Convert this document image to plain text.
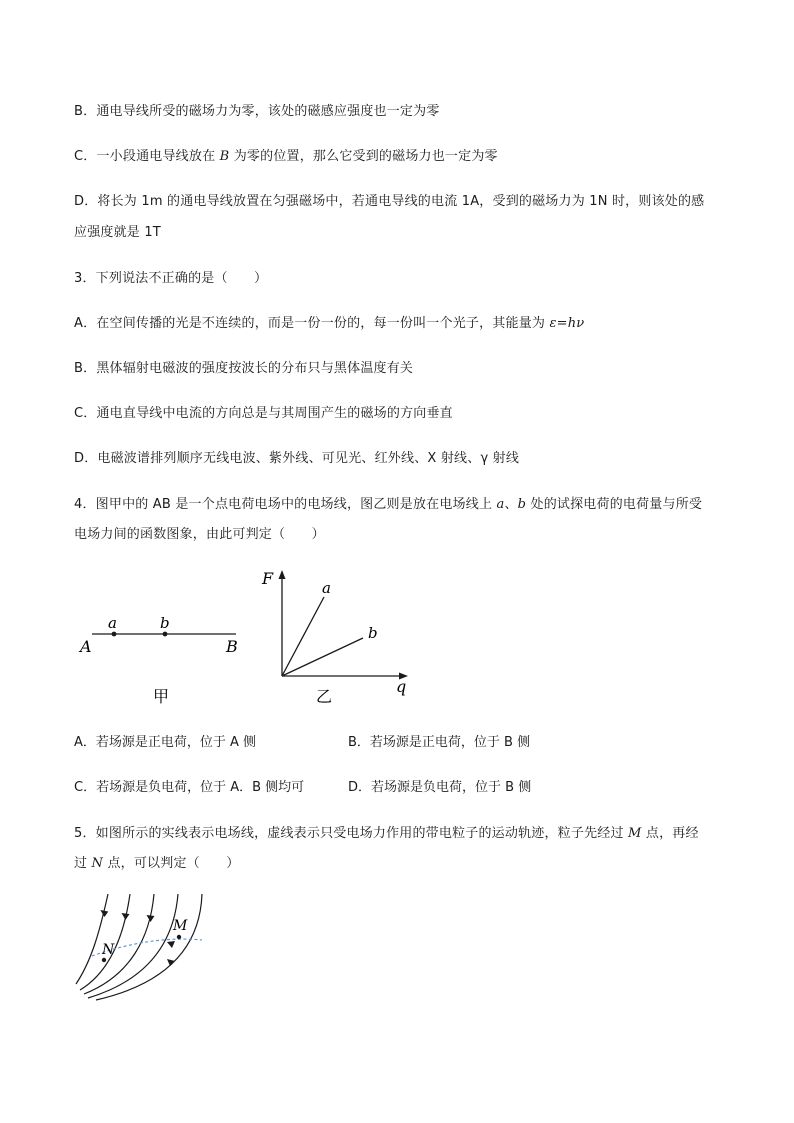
B．通电导线所受的磁场力为零，该处的磁感应强度也一定为零
C．一小段通电导线放在 B 为零的位置，那么它受到的磁场力也一定为零
D．将长为 1m 的通电导线放置在匀强磁场中，若通电导线的电流 1A，受到的磁场力为 1N 时，则该处的感
应强度就是 1T
3．下列说法不正确的是（　　）
A．在空间传播的光是不连续的，而是一份一份的，每一份叫一个光子，其能量为 ε=hν
B．黑体辐射电磁波的强度按波长的分布只与黑体温度有关
C．通电直导线中电流的方向总是与其周围产生的磁场的方向垂直
D．电磁波谱排列顺序无线电波、紫外线、可见光、红外线、X 射线、γ 射线
4．图甲中的 AB 是一个点电荷电场中的电场线，图乙则是放在电场线上 a、b 处的试探电荷的电荷量与所受
电场力间的函数图象，由此可判定（　　）
a	b
A	B
甲
F	a
b
q
乙
A．若场源是正电荷，位于 A 侧	B．若场源是正电荷，位于 B 侧
C．若场源是负电荷，位于 A．B 侧均可	D．若场源是负电荷，位于 B 侧
5．如图所示的实线表示电场线，虚线表示只受电场力作用的带电粒子的运动轨迹，粒子先经过 M 点，再经
过 N 点，可以判定（　　）
M
N
